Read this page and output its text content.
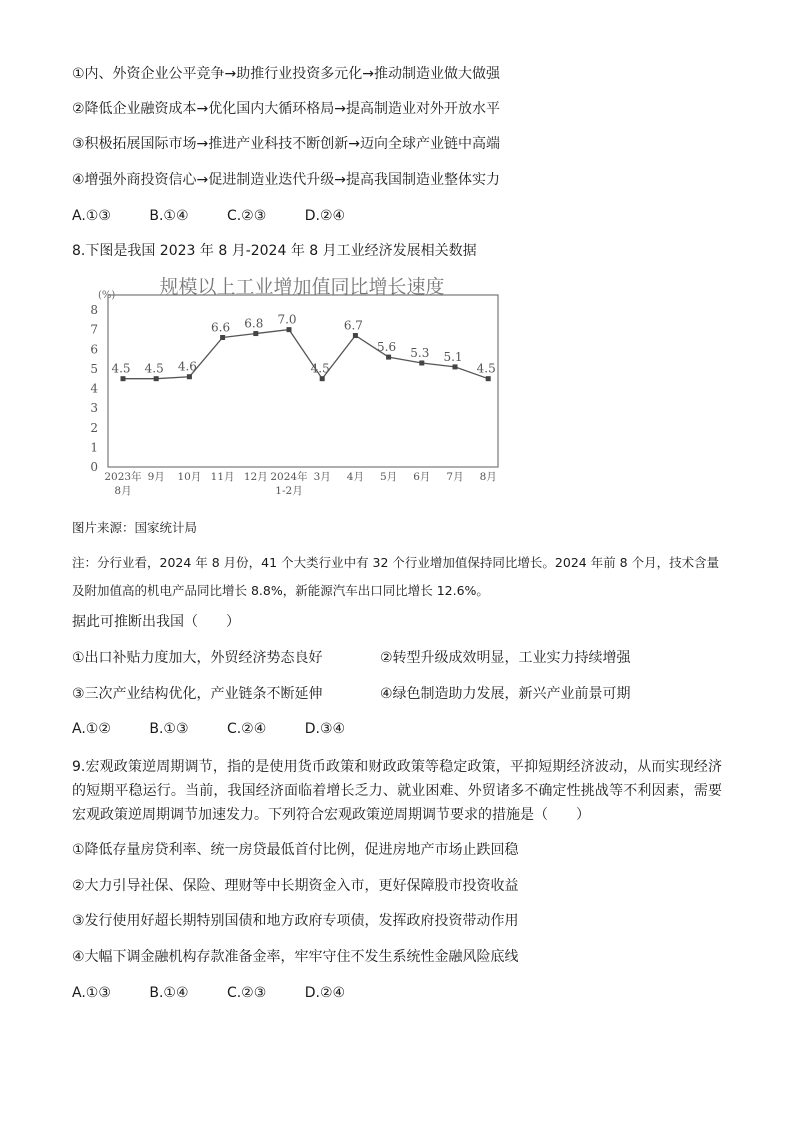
①内、外资企业公平竞争→助推行业投资多元化→推动制造业做大做强
②降低企业融资成本→优化国内大循环格局→提高制造业对外开放水平
③积极拓展国际市场→推进产业科技不断创新→迈向全球产业链中高端
④增强外商投资信心→促进制造业迭代升级→提高我国制造业整体实力
A.①③	B.①④	C.②③	D.②④
8.下图是我国 2023 年 8 月-2024 年 8 月工业经济发展相关数据
规模以上工业增加值同比增长速度
(%)
0
1
2
3
4
5
6
7
8
2023年
8月
9月 10月 11月 12月 2024年
1-2月
3月 4月 5月 6月 7月 8月
4.5 4.5 4.6
6.6 6.8 7.0
4.5
6.7
5.6 5.3 5.1
4.5
图片来源：国家统计局
注：分行业看，2024 年 8 月份，41 个大类行业中有 32 个行业增加值保持同比增长。2024 年前 8 个月，技术含量及附加值高的机电产品同比增长 8.8%，新能源汽车出口同比增长 12.6%。
据此可推断出我国（　　）
①出口补贴力度加大，外贸经济势态良好	②转型升级成效明显，工业实力持续增强
③三次产业结构优化，产业链条不断延伸	④绿色制造助力发展，新兴产业前景可期
A.①②	B.①③	C.②④	D.③④
9.宏观政策逆周期调节，指的是使用货币政策和财政政策等稳定政策，平抑短期经济波动，从而实现经济的短期平稳运行。当前，我国经济面临着增长乏力、就业困难、外贸诸多不确定性挑战等不利因素，需要宏观政策逆周期调节加速发力。下列符合宏观政策逆周期调节要求的措施是（　　）
①降低存量房贷利率、统一房贷最低首付比例，促进房地产市场止跌回稳
②大力引导社保、保险、理财等中长期资金入市，更好保障股市投资收益
③发行使用好超长期特别国债和地方政府专项债，发挥政府投资带动作用
④大幅下调金融机构存款准备金率，牢牢守住不发生系统性金融风险底线
A.①③	B.①④	C.②③	D.②④
